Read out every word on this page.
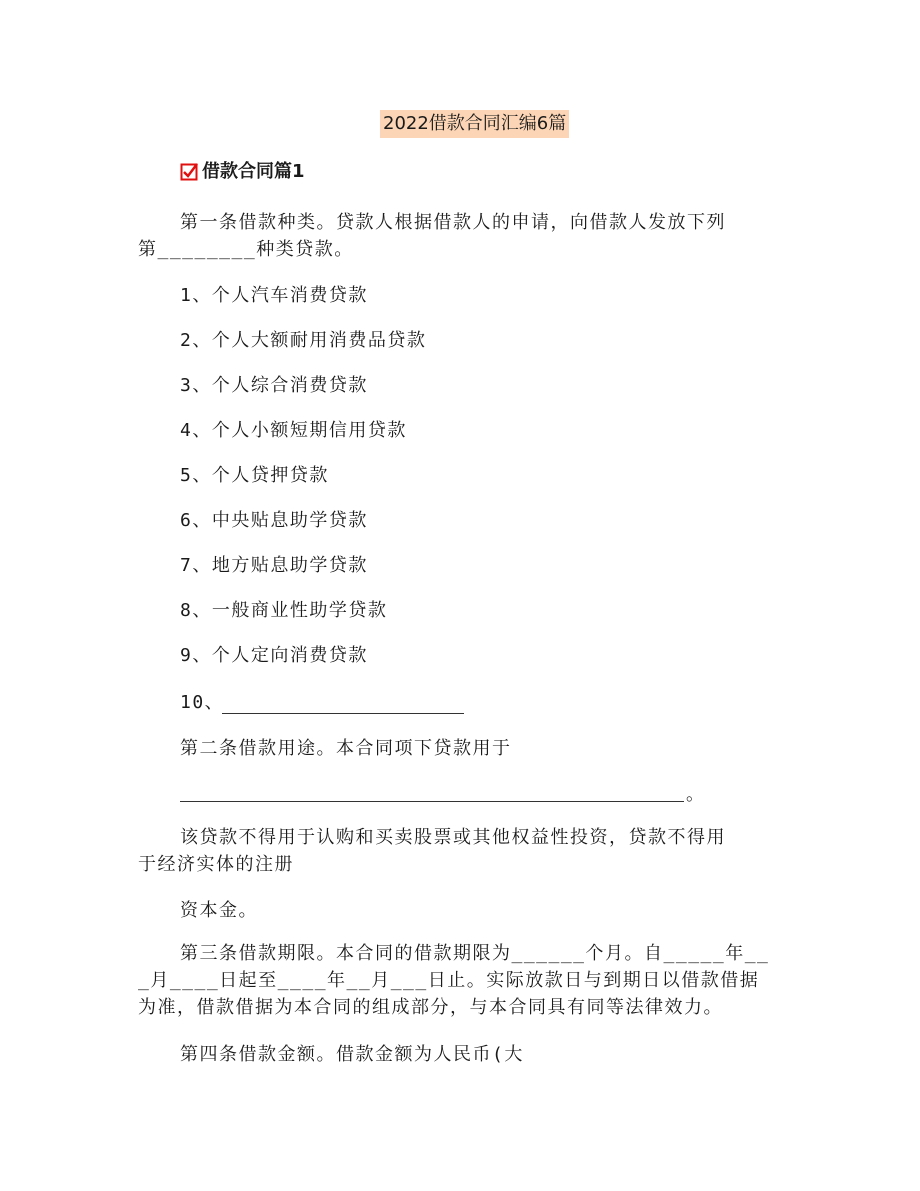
2022借款合同汇编6篇
借款合同篇1
第一条借款种类。贷款人根据借款人的申请，向借款人发放下列
第________种类贷款。
1、个人汽车消费贷款
2、个人大额耐用消费品贷款
3、个人综合消费贷款
4、个人小额短期信用贷款
5、个人贷押贷款
6、中央贴息助学贷款
7、地方贴息助学贷款
8、一般商业性助学贷款
9、个人定向消费贷款
10、
第二条借款用途。本合同项下贷款用于
。
该贷款不得用于认购和买卖股票或其他权益性投资，贷款不得用
于经济实体的注册
资本金。
第三条借款期限。本合同的借款期限为______个月。自_____年__
_月____日起至____年__月___日止。实际放款日与到期日以借款借据
为准，借款借据为本合同的组成部分，与本合同具有同等法律效力。
第四条借款金额。借款金额为人民币(大
